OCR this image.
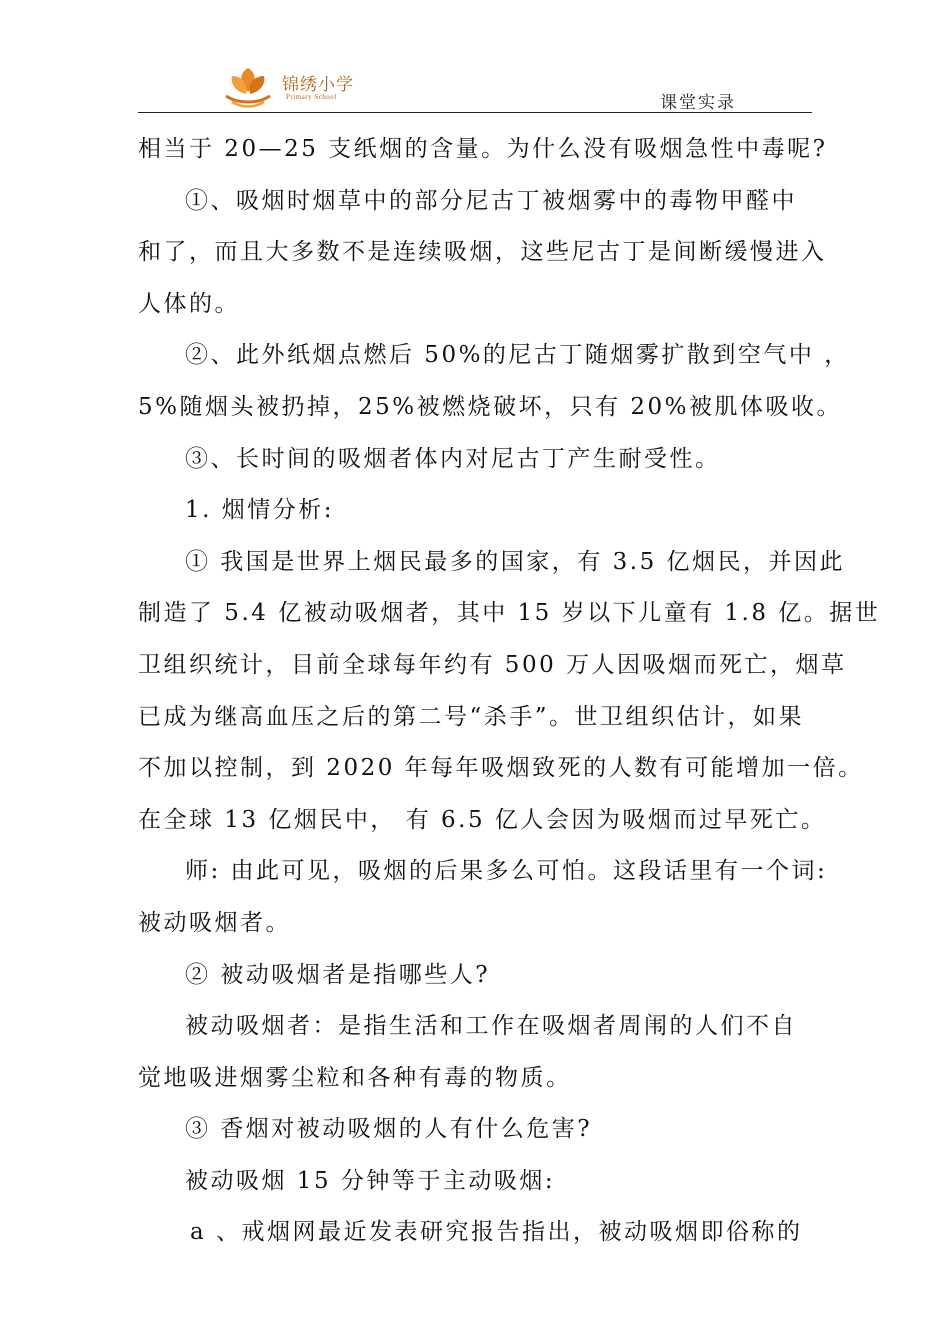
锦绣小学
Primary School	课堂实录
相当于 20—25 支纸烟的含量。为什么没有吸烟急性中毒呢?
①、吸烟时烟草中的部分尼古丁被烟雾中的毒物甲醛中
和了，而且大多数不是连续吸烟，这些尼古丁是间断缓慢进入
人体的。
②、此外纸烟点燃后 50%的尼古丁随烟雾扩散到空气中 ，
5%随烟头被扔掉，25%被燃烧破坏，只有 20%被肌体吸收。
③、长时间的吸烟者体内对尼古丁产生耐受性。
1. 烟情分析:
① 我国是世界上烟民最多的国家，有 3.5 亿烟民，并因此
制造了 5.4 亿被动吸烟者，其中 15 岁以下儿童有 1.8 亿。据世
卫组织统计，目前全球每年约有 500 万人因吸烟而死亡，烟草
已成为继高血压之后的第二号“杀手”。世卫组织估计，如果
不加以控制，到 2020 年每年吸烟致死的人数有可能增加一倍。
在全球 13 亿烟民中， 有 6.5 亿人会因为吸烟而过早死亡。
师: 由此可见，吸烟的后果多么可怕。这段话里有一个词:
被动吸烟者。
② 被动吸烟者是指哪些人?
被动吸烟者：是指生活和工作在吸烟者周闱的人们不自
觉地吸进烟雾尘粒和各种有毒的物质。
③ 香烟对被动吸烟的人有什么危害?
被动吸烟 15 分钟等于主动吸烟:
a 、戒烟网最近发表研究报告指出，被动吸烟即俗称的
